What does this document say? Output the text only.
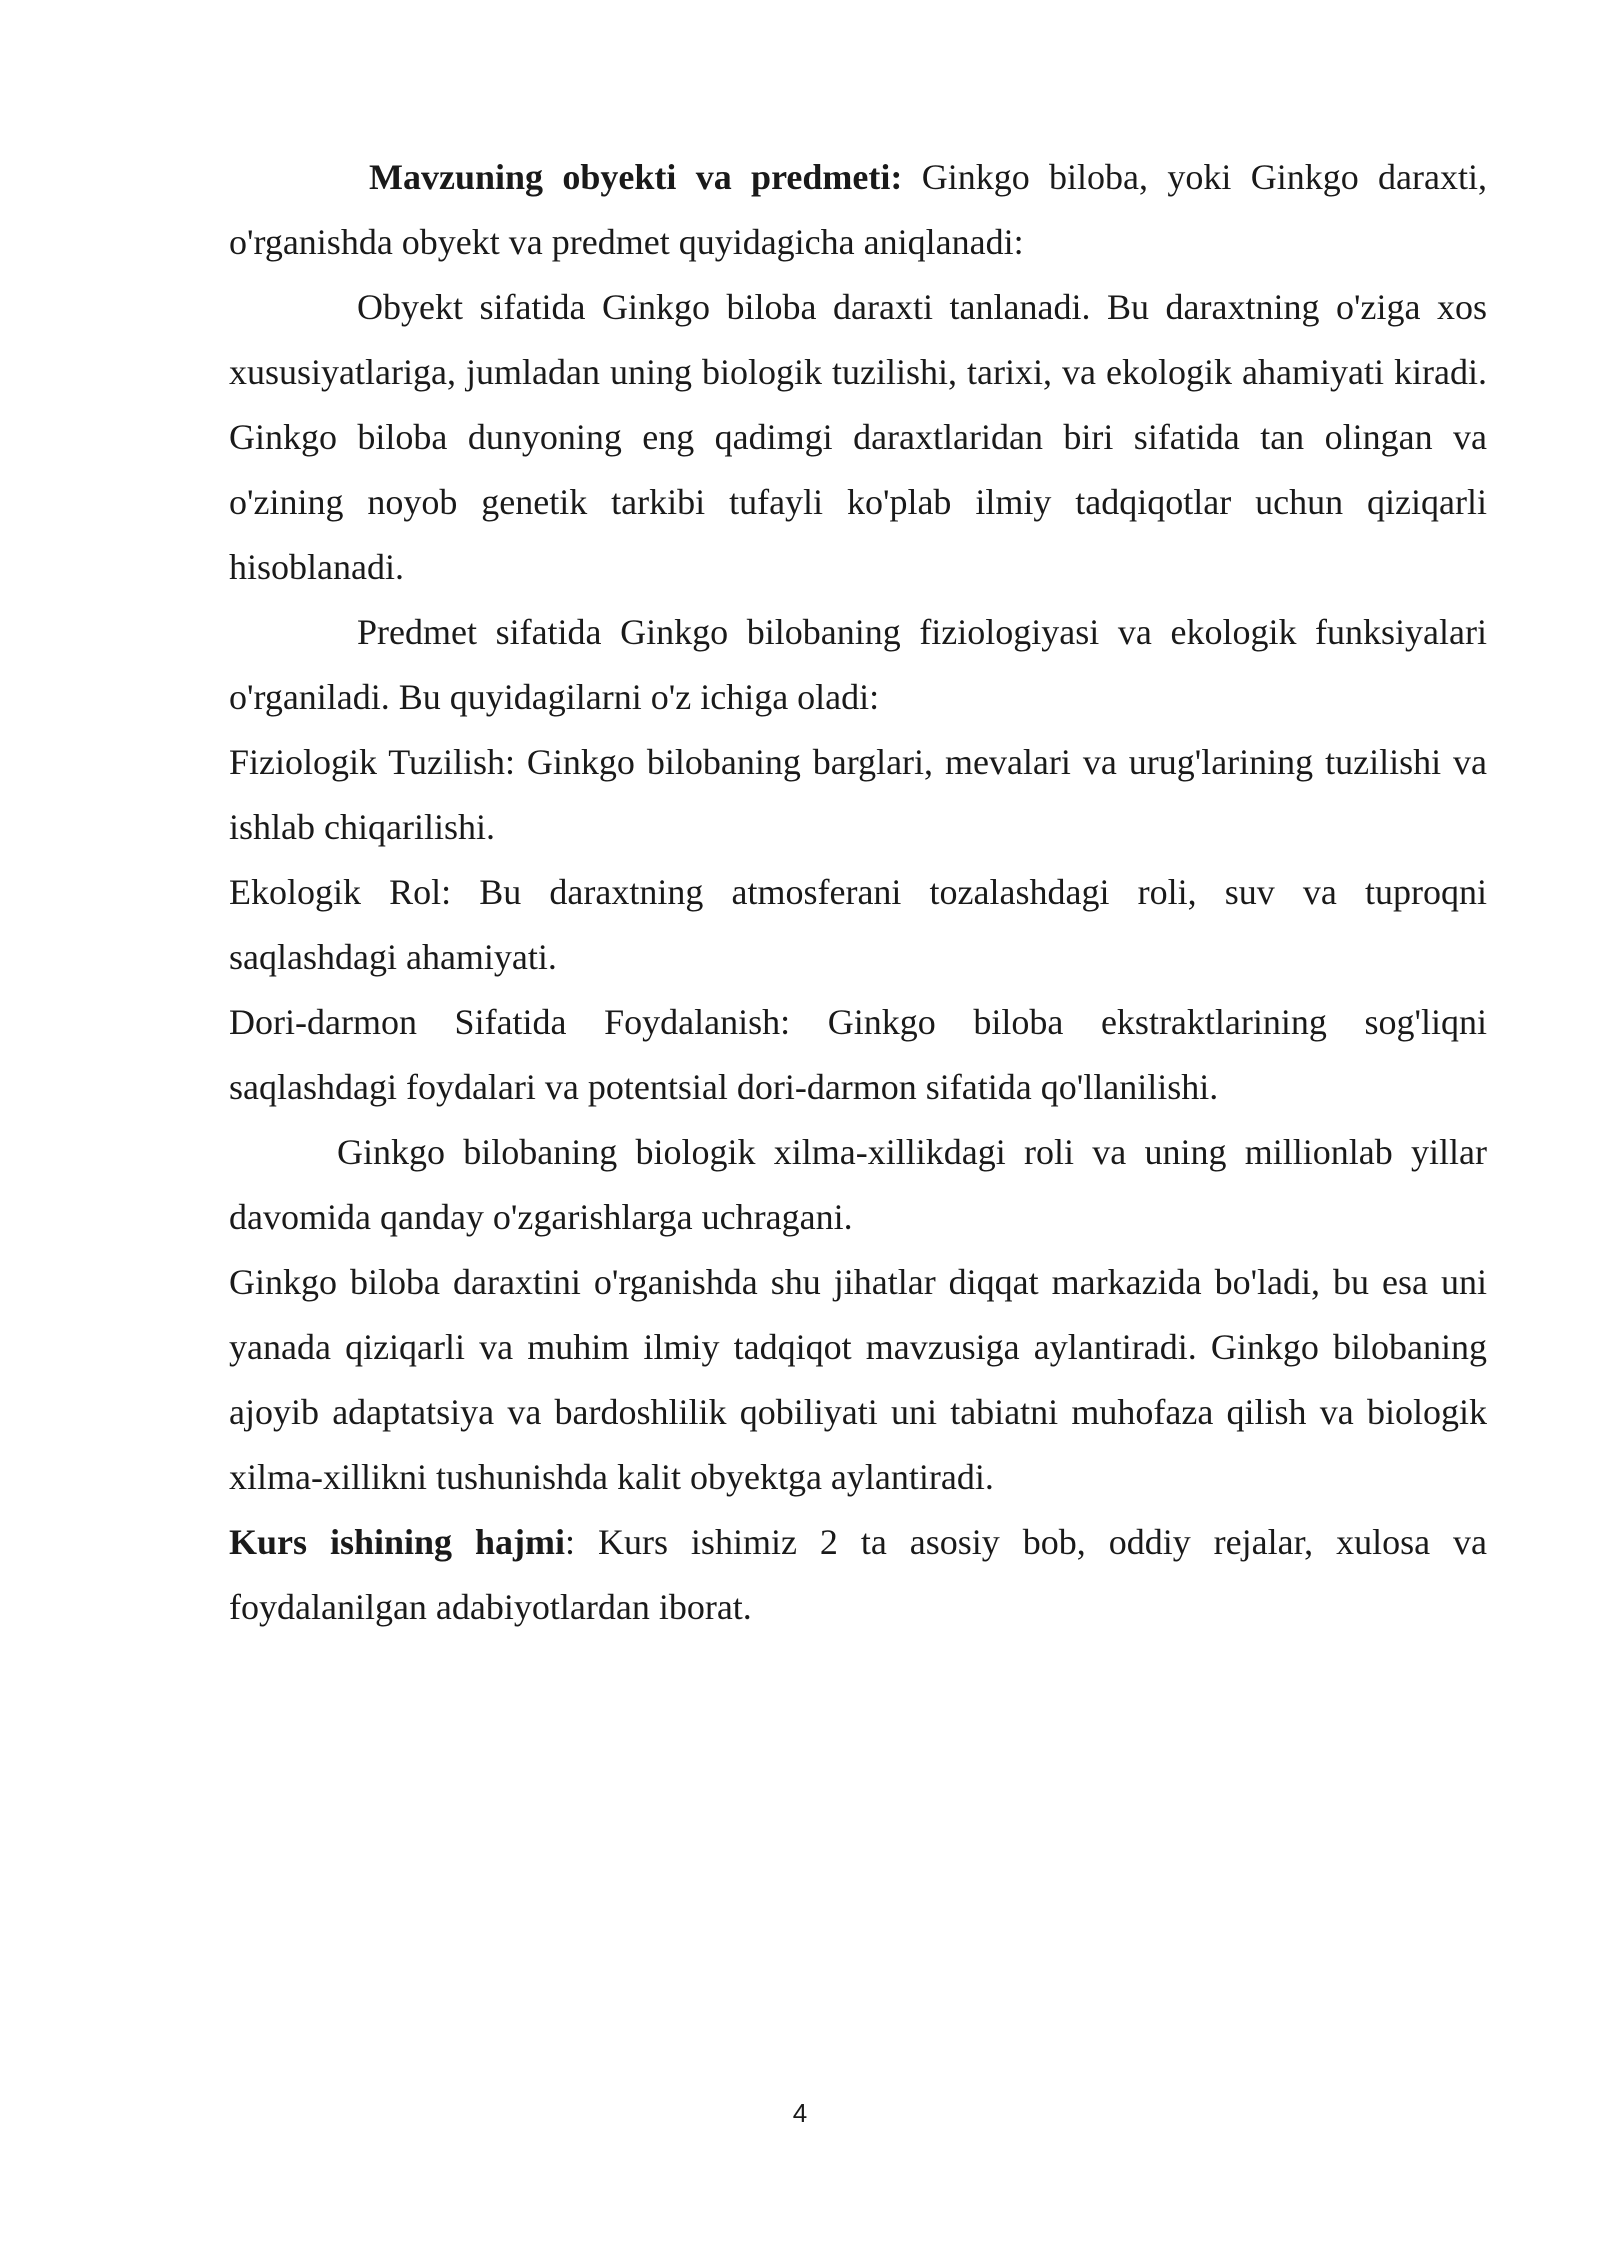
Mavzuning obyekti va predmeti: Ginkgo biloba, yoki Ginkgo daraxti, o'rganishda obyekt va predmet quyidagicha aniqlanadi:

Obyekt sifatida Ginkgo biloba daraxti tanlanadi. Bu daraxtning o'ziga xos xususiyatlariga, jumladan uning biologik tuzilishi, tarixi, va ekologik ahamiyati kiradi. Ginkgo biloba dunyoning eng qadimgi daraxtlaridan biri sifatida tan olingan va o'zining noyob genetik tarkibi tufayli ko'plab ilmiy tadqiqotlar uchun qiziqarli hisoblanadi.

Predmet sifatida Ginkgo bilobaning fiziologiyasi va ekologik funksiyalari o'rganiladi. Bu quyidagilarni o'z ichiga oladi:

Fiziologik Tuzilish: Ginkgo bilobaning barglari, mevalari va urug'larining tuzilishi va ishlab chiqarilishi.

Ekologik Rol: Bu daraxtning atmosferani tozalashdagi roli, suv va tuproqni saqlashdagi ahamiyati.

Dori-darmon Sifatida Foydalanish: Ginkgo biloba ekstraktlarining sog'liqni saqlashdagi foydalari va potentsial dori-darmon sifatida qo'llanilishi.

Ginkgo bilobaning biologik xilma-xillikdagi roli va uning millionlab yillar davomida qanday o'zgarishlarga uchragani.

Ginkgo biloba daraxtini o'rganishda shu jihatlar diqqat markazida bo'ladi, bu esa uni yanada qiziqarli va muhim ilmiy tadqiqot mavzusiga aylantiradi. Ginkgo bilobaning ajoyib adaptatsiya va bardoshlilik qobiliyati uni tabiatni muhofaza qilish va biologik xilma-xillikni tushunishda kalit obyektga aylantiradi.

Kurs ishining hajmi: Kurs ishimiz 2 ta asosiy bob, oddiy rejalar, xulosa va foydalanilgan adabiyotlardan iborat.

4
